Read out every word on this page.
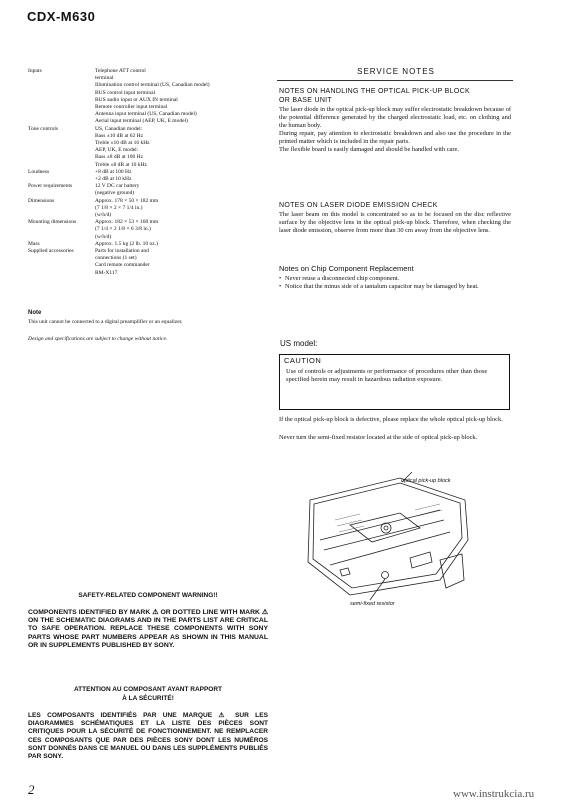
CDX-M630
Inputs	Telephone ATT control
terminal
Illumination control terminal (US, Canadian model)
BUS control input terminal
BUS audio input or AUX IN terminal
Remote controller input terminal
Antenna input terminal (US, Canadian model)
Aerial input terminal (AEP, UK, E model)
Tone controls	US, Canadian model:
Bass ±10 dB at 62 Hz
Treble ±10 dB at 16 kHz
AEP, UK, E model:
Bass ±8 dB at 100 Hz
Treble ±8 dB at 10 kHz
Loudness	+8 dB at 100 Hz
+2 dB at 10 kHz
Power requirements	12 V DC car battery
(negative ground)
Dimensions	Approx. 178 × 50 × 182 mm
(7 1/8 × 2 × 7 1/4 in.)
(w/h/d)
Mounting dimensions	Approx. 182 × 53 × 160 mm
(7 1/4 × 2 1/8 × 6 3/8 in.)
(w/h/d)
Mass	Approx. 1.5 kg (2 lb. 10 oz.)
Supplied accessories	Parts for installation and
connections (1 set)
Card remote commander
RM-X117
Note
This unit cannot be connected to a digital preamplifier or an equalizer.
Design and specifications are subject to change without notice.
SAFETY-RELATED COMPONENT WARNING!!
COMPONENTS IDENTIFIED BY MARK ⚠ OR DOTTED LINE WITH MARK ⚠ ON THE SCHEMATIC DIAGRAMS AND IN THE PARTS LIST ARE CRITICAL TO SAFE OPERATION. REPLACE THESE COMPONENTS WITH SONY PARTS WHOSE PART NUMBERS APPEAR AS SHOWN IN THIS MANUAL OR IN SUPPLEMENTS PUBLISHED BY SONY.
ATTENTION AU COMPOSANT AYANT RAPPORT
À LA SÉCURITÉ!
LES COMPOSANTS IDENTIFIÉS PAR UNE MARQUE ⚠ SUR LES DIAGRAMMES SCHÉMATIQUES ET LA LISTE DES PIÈCES SONT CRITIQUES POUR LA SÉCURITÉ DE FONCTIONNEMENT. NE REMPLACER CES COMPOSANTS QUE PAR DES PIÈCES SONY DONT LES NUMÉROS SONT DONNÉS DANS CE MANUEL OU DANS LES SUPPLÉMENTS PUBLIÉS PAR SONY.
2	www.instrukcia.ru
SERVICE NOTES
NOTES ON HANDLING THE OPTICAL PICK-UP BLOCK
OR BASE UNIT
The laser diode in the optical pick-up block may suffer electrostatic breakdown because of the potential difference generated by the charged electrostatic load, etc. on clothing and the human body.
During repair, pay attention to electrostatic breakdown and also use the procedure in the printed matter which is included in the repair parts.
The flexible board is easily damaged and should be handled with care.
NOTES ON LASER DIODE EMISSION CHECK
The laser beam on this model is concentrated so as to be focused on the disc reflective surface by the objective lens in the optical pick-up block. Therefore, when checking the laser diode emission, observe from more than 30 cm away from the objective lens.
Notes on Chip Component Replacement
• Never reuse a disconnected chip component.
• Notice that the minus side of a tantalum capacitor may be damaged by heat.
US model:
CAUTION
Use of controls or adjustments or performance of procedures other than those specified herein may result in hazardous radiation exposure.
If the optical pick-up block is defective, please replace the whole optical pick-up block.
Never turn the semi-fixed resistor located at the side of optical pick-up block.
optical pick-up block
semi-fixed resistor
